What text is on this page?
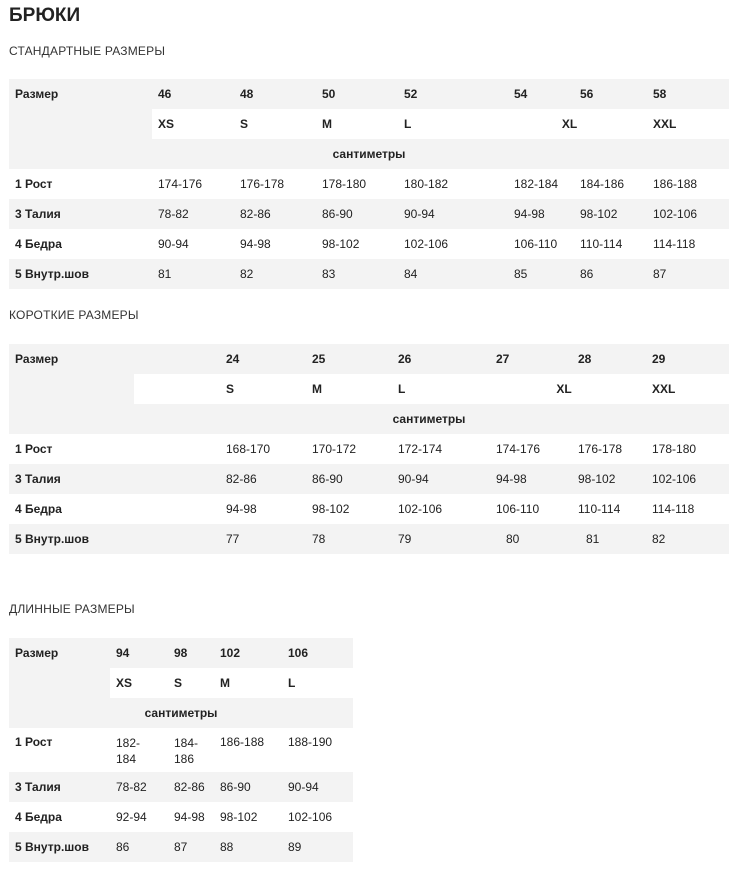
БРЮКИ
СТАНДАРТНЫЕ РАЗМЕРЫ
Размер	46	48	50	52	54	56	58
	XS	S	M	L	XL		XXL
сантиметры							
1 Рост	174-176	176-178	178-180	180-182	182-184	184-186	186-188
3 Талия	78-82	82-86	86-90	90-94	94-98	98-102	102-106
4 Бедра	90-94	94-98	98-102	102-106	106-110	110-114	114-118
5 Внутр.шов	81	82	83	84	85	86	87
КОРОТКИЕ РАЗМЕРЫ
Размер		24	25	26	27	28	29
		S	M	L	XL		XXL
сантиметры							
1 Рост		168-170	170-172	172-174	174-176	176-178	178-180
3 Талия		82-86	86-90	90-94	94-98	98-102	102-106
4 Бедра		94-98	98-102	102-106	106-110	110-114	114-118
5 Внутр.шов		77	78	79	80	81	82
ДЛИННЫЕ РАЗМЕРЫ
Размер	94	98	102	106
	XS	S	M	L
сантиметры				
1 Рост	182-184	184-186	186-188	188-190
3 Талия	78-82	82-86	86-90	90-94
4 Бедра	92-94	94-98	98-102	102-106
5 Внутр.шов	86	87	88	89
